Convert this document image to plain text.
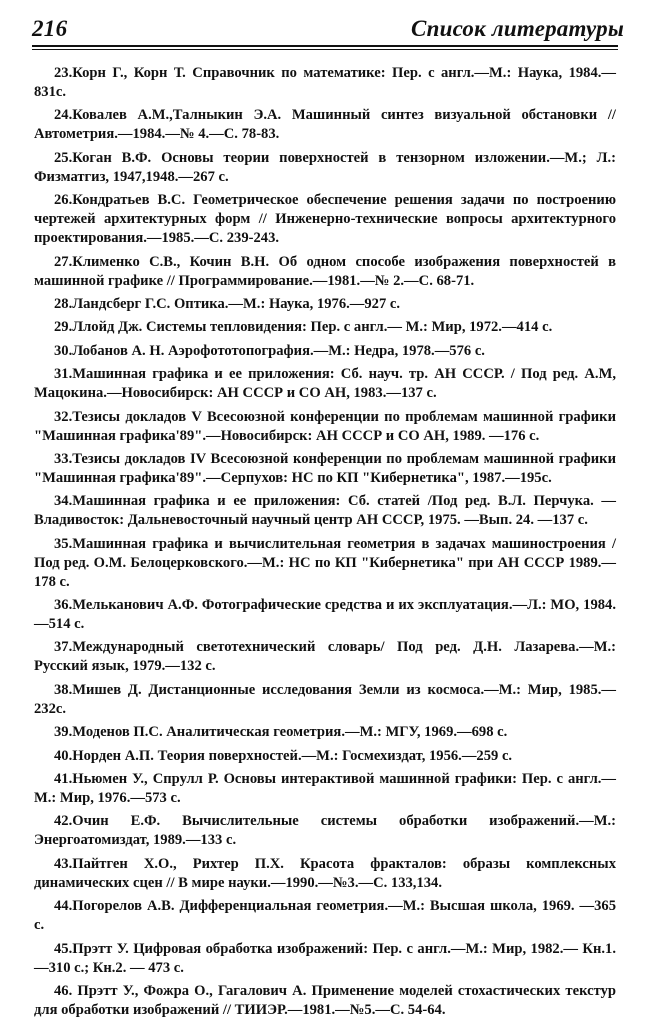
216	Список литературы

23.Корн Г., Корн Т. Справочник по математике: Пер. с англ.—М.: Наука, 1984.—831с.

24.Ковалев А.М.,Талныкин Э.А. Машинный синтез визуальной обстановки // Автометрия.—1984.—№ 4.—С. 78-83.

25.Коган В.Ф. Основы теории поверхностей в тензорном изложении.—М.; Л.: Физматгиз, 1947,1948.—267 с.

26.Кондратьев В.С. Геометрическое обеспечение решения задачи по построению чертежей архитектурных форм // Инженерно-технические вопросы архитектурного проектирования.—1985.—С. 239-243.

27.Клименко С.В., Кочин В.Н. Об одном способе изображения поверхностей в машинной графике // Программирование.—1981.—№ 2.—С. 68-71.

28.Ландсберг Г.С. Оптика.—М.: Наука, 1976.—927 с.

29.Ллойд Дж. Системы тепловидения: Пер. с англ.— М.: Мир, 1972.—414 с.

30.Лобанов А. Н. Аэрофототопография.—М.: Недра, 1978.—576 с.

31.Машинная графика и ее приложения: Сб. науч. тр. АН СССР. / Под ред. А.М, Мацокина.—Новосибирск: АН СССР и СО АН, 1983.—137 с.

32.Тезисы докладов V Всесоюзной конференции по проблемам машинной графики "Машинная графика'89".—Новосибирск: АН СССР и СО АН, 1989. —176 с.

33.Тезисы докладов IV Всесоюзной конференции по проблемам машинной графики "Машинная графика'89".—Серпухов: НС по КП "Кибернетика", 1987.—195с.

34.Машинная графика и ее приложения: Сб. статей /Под ред. В.Л. Перчука. —Владивосток: Дальневосточный научный центр АН СССР, 1975. —Вып. 24. —137 с.

35.Машинная графика и вычислительная геометрия в задачах машиностроения / Под ред. О.М. Белоцерковского.—М.: НС по КП "Кибернетика" при АН СССР 1989.—178 с.

36.Мельканович А.Ф. Фотографические средства и их эксплуатация.—Л.: МО, 1984.—514 с.

37.Международный светотехнический словарь/ Под ред. Д.Н. Лазарева.—М.: Русский язык, 1979.—132 с.

38.Мишев Д. Дистанционные исследования Земли из космоса.—М.: Мир, 1985.—232с.

39.Моденов П.С. Аналитическая геометрия.—М.: МГУ, 1969.—698 с.

40.Норден А.П. Теория поверхностей.—М.: Госмехиздат, 1956.—259 с.

41.Ньюмен У., Спрулл Р. Основы интерактивой машинной графики: Пер. с англ.—М.: Мир, 1976.—573 с.

42.Очин Е.Ф. Вычислительные системы обработки изображений.—М.: Энергоатомиздат, 1989.—133 с.

43.Пайтген Х.О., Рихтер П.Х. Красота фракталов: образы комплексных динамических сцен // В мире науки.—1990.—№3.—С. 133,134.

44.Погорелов А.В. Дифференциальная геометрия.—М.: Высшая школа, 1969. —365 с.

45.Прэтт У. Цифровая обработка изображений: Пер. с англ.—М.: Мир, 1982.— Кн.1.—310 с.; Кн.2. — 473 с.

46. Прэтт У., Фожра О., Гагалович А. Применение моделей стохастических текстур для обработки изображений // ТИИЭР.—1981.—№5.—С. 54-64.
